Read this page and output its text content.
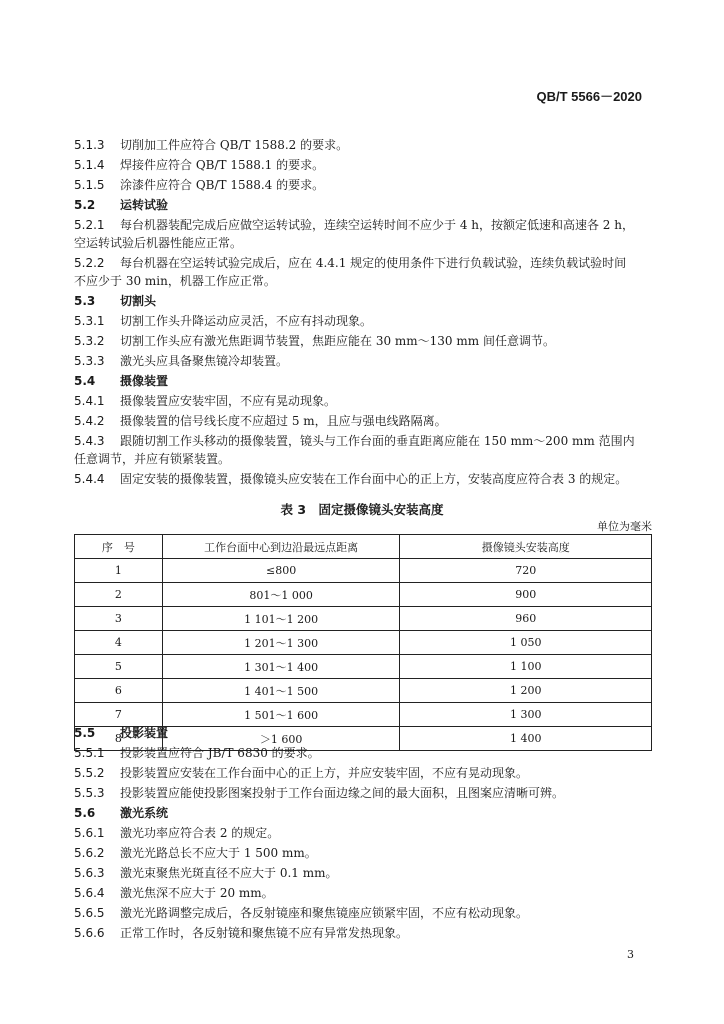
QB/T 5566－2020
5.1.3 切削加工件应符合 QB/T 1588.2 的要求。
5.1.4 焊接件应符合 QB/T 1588.1 的要求。
5.1.5 涂漆件应符合 QB/T 1588.4 的要求。
5.2 运转试验
5.2.1 每台机器装配完成后应做空运转试验，连续空运转时间不应少于 4 h，按额定低速和高速各 2 h，
空运转试验后机器性能应正常。
5.2.2 每台机器在空运转试验完成后，应在 4.4.1 规定的使用条件下进行负载试验，连续负载试验时间
不应少于 30 min，机器工作应正常。
5.3 切割头
5.3.1 切割工作头升降运动应灵活，不应有抖动现象。
5.3.2 切割工作头应有激光焦距调节装置，焦距应能在 30 mm～130 mm 间任意调节。
5.3.3 激光头应具备聚焦镜冷却装置。
5.4 摄像装置
5.4.1 摄像装置应安装牢固，不应有晃动现象。
5.4.2 摄像装置的信号线长度不应超过 5 m，且应与强电线路隔离。
5.4.3 跟随切割工作头移动的摄像装置，镜头与工作台面的垂直距离应能在 150 mm～200 mm 范围内
任意调节，并应有锁紧装置。
5.4.4 固定安装的摄像装置，摄像镜头应安装在工作台面中心的正上方，安装高度应符合表 3 的规定。
表 3　固定摄像镜头安装高度
单位为毫米
序　号	工作台面中心到边沿最远点距离	摄像镜头安装高度
1	≤800	720
2	801～1 000	900
3	1 101～1 200	960
4	1 201～1 300	1 050
5	1 301～1 400	1 100
6	1 401～1 500	1 200
7	1 501～1 600	1 300
8	＞1 600	1 400
5.5 投影装置
5.5.1 投影装置应符合 JB/T 6830 的要求。
5.5.2 投影装置应安装在工作台面中心的正上方，并应安装牢固，不应有晃动现象。
5.5.3 投影装置应能使投影图案投射于工作台面边缘之间的最大面积，且图案应清晰可辨。
5.6 激光系统
5.6.1 激光功率应符合表 2 的规定。
5.6.2 激光光路总长不应大于 1 500 mm。
5.6.3 激光束聚焦光斑直径不应大于 0.1 mm。
5.6.4 激光焦深不应大于 20 mm。
5.6.5 激光光路调整完成后，各反射镜座和聚焦镜座应锁紧牢固，不应有松动现象。
5.6.6 正常工作时，各反射镜和聚焦镜不应有异常发热现象。
3
